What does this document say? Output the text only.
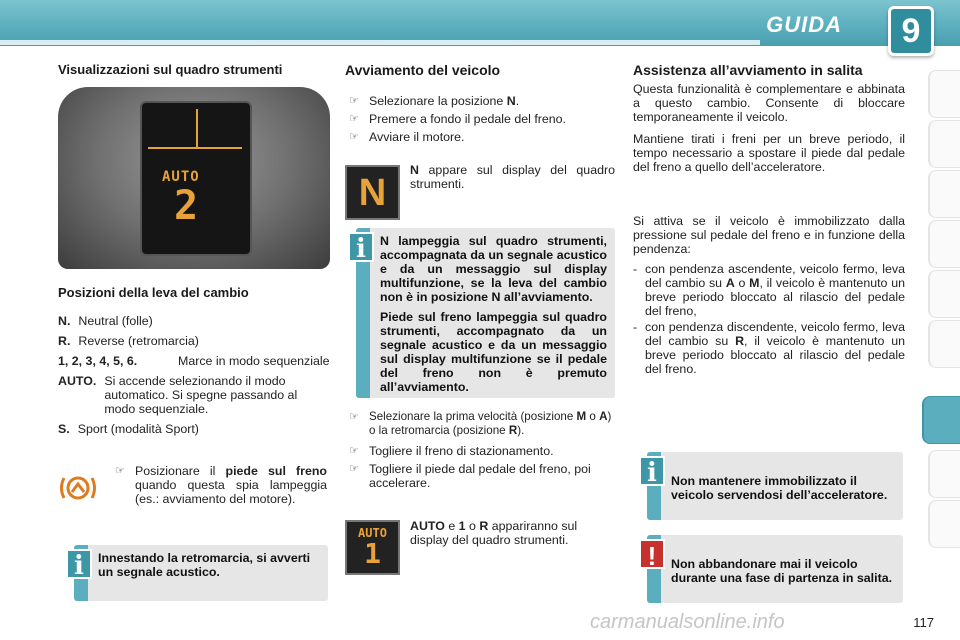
GUIDA	9
Visualizzazioni sul quadro strumenti
AUTO
2
Posizioni della leva del cambio
N. Neutral (folle)
R. Reverse (retromarcia)
1, 2, 3, 4, 5, 6.	Marce in modo sequenziale
AUTO. Si accende selezionando il modo automatico. Si spegne passando al modo sequenziale.
S. Sport (modalità Sport)
☞ Posizionare il piede sul freno quando questa spia lampeggia (es.: avviamento del motore).
i	Innestando la retromarcia, si avverti un segnale acustico.
Avviamento del veicolo
☞ Selezionare la posizione N.
☞ Premere a fondo il pedale del freno.
☞ Avviare il motore.
N
N appare sul display del quadro strumenti.
i	N lampeggia sul quadro strumenti, accompagnata da un segnale acustico e da un messaggio sul display multifunzione, se la leva del cambio non è in posizione N all’avviamento.
Piede sul freno lampeggia sul quadro strumenti, accompagnato da un segnale acustico e da un messaggio sul display multifunzione se il pedale del freno non è premuto all’avviamento.
☞ Selezionare la prima velocità (posizione M o A) o la retromarcia (posizione R).
☞ Togliere il freno di stazionamento.
☞ Togliere il piede dal pedale del freno, poi accelerare.
AUTO
1
AUTO e 1 o R appariranno sul display del quadro strumenti.
Assistenza all’avviamento in salita
Questa funzionalità è complementare e abbinata a questo cambio. Consente di bloccare temporaneamente il veicolo.
Mantiene tirati i freni per un breve periodo, il tempo necessario a spostare il piede dal pedale del freno a quello dell’acceleratore.
Si attiva se il veicolo è immobilizzato dalla pressione sul pedale del freno e in funzione della pendenza:
- con pendenza ascendente, veicolo fermo, leva del cambio su A o M, il veicolo è mantenuto un breve periodo bloccato al rilascio del pedale del freno,
- con pendenza discendente, veicolo fermo, leva del cambio su R, il veicolo è mantenuto un breve periodo bloccato al rilascio del pedale del freno.
i	Non mantenere immobilizzato il veicolo servendosi dell’acceleratore.
!	Non abbandonare mai il veicolo durante una fase di partenza in salita.
carmanualsonline.info	117
